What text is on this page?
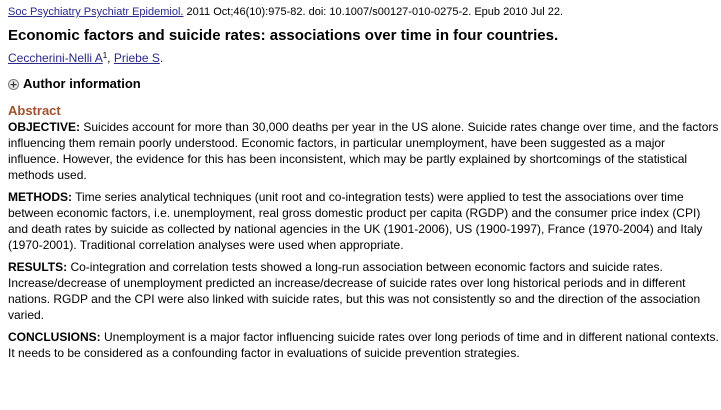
Soc Psychiatry Psychiatr Epidemiol. 2011 Oct;46(10):975-82. doi: 10.1007/s00127-010-0275-2. Epub 2010 Jul 22.
Economic factors and suicide rates: associations over time in four countries.
Ceccherini-Nelli $A^1$, Priebe S.
Author information
Abstract

OBJECTIVE: Suicides account for more than 30,000 deaths per year in the US alone. Suicide rates change over time, and the factors influencing them remain poorly understood. Economic factors, in particular unemployment, have been suggested as a major influence. However, the evidence for this has been inconsistent, which may be partly explained by shortcomings of the statistical methods used.

METHODS: Time series analytical techniques (unit root and co-integration tests) were applied to test the associations over time between economic factors, i.e. unemployment, real gross domestic product per capita (RGDP) and the consumer price index (CPI) and death rates by suicide as collected by national agencies in the UK (1901-2006), US (1900-1997), France (1970-2004) and Italy (1970-2001). Traditional correlation analyses were used when appropriate.

RESULTS: Co-integration and correlation tests showed a long-run association between economic factors and suicide rates. Increase/decrease of unemployment predicted an increase/decrease of suicide rates over long historical periods and in different nations. RGDP and the CPI were also linked with suicide rates, but this was not consistently so and the direction of the association varied.

CONCLUSIONS: Unemployment is a major factor influencing suicide rates over long periods of time and in different national contexts. It needs to be considered as a confounding factor in evaluations of suicide prevention strategies.
